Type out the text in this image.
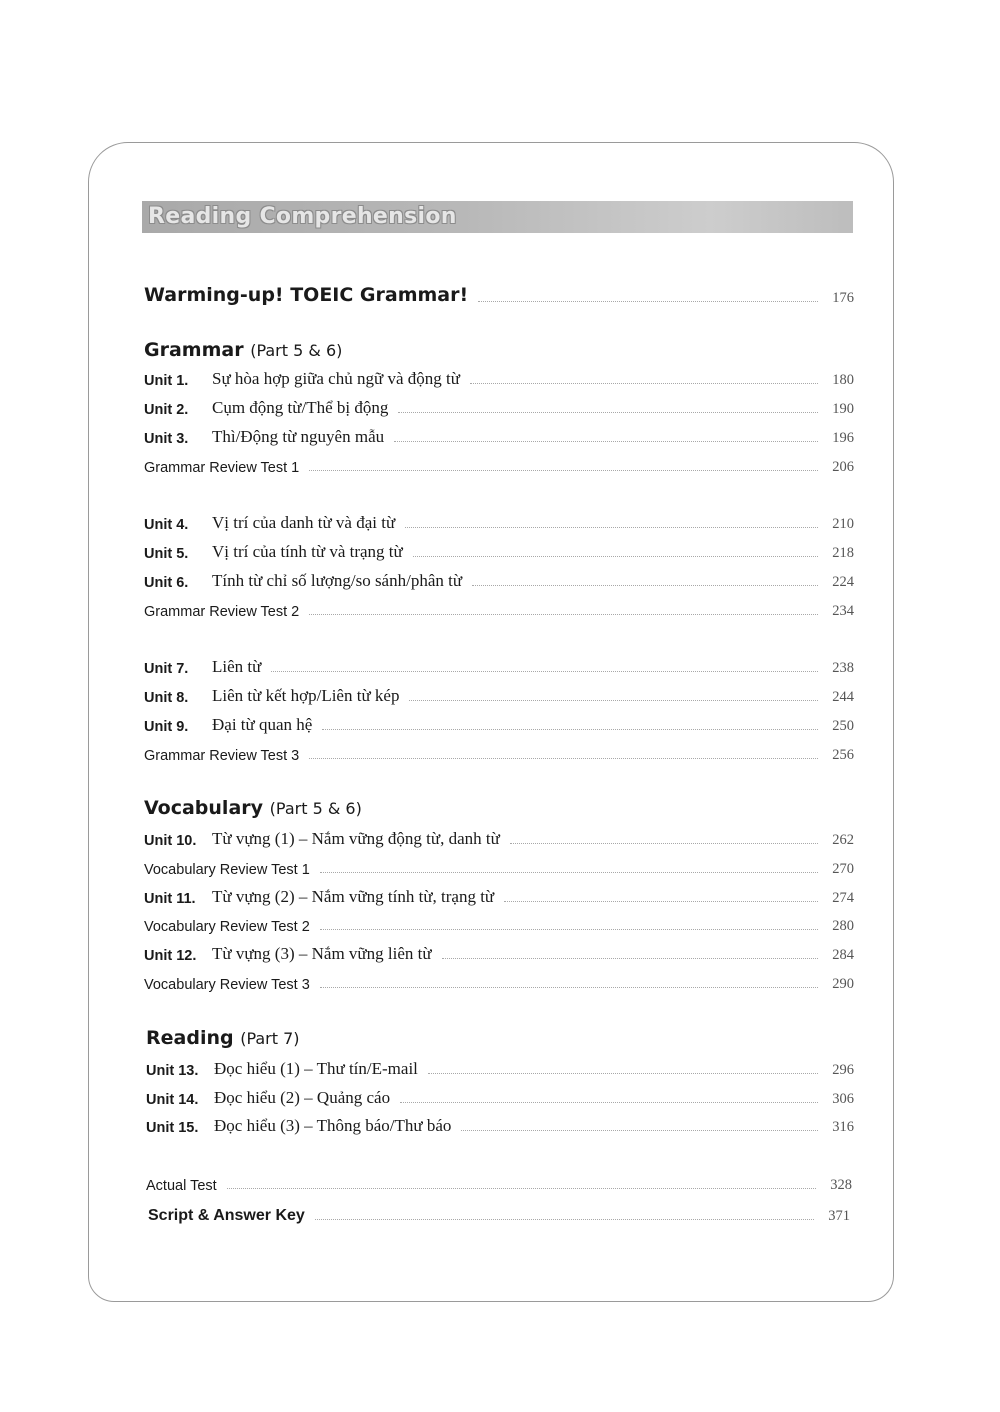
Reading Comprehension
Warming-up! TOEIC Grammar!	176
Grammar (Part 5 & 6)
Unit 1.	Sự hòa hợp giữa chủ ngữ và động từ	180
Unit 2.	Cụm động từ/Thể bị động	190
Unit 3.	Thì/Động từ nguyên mẫu	196
Grammar Review Test 1	206
Unit 4.	Vị trí của danh từ và đại từ	210
Unit 5.	Vị trí của tính từ và trạng từ	218
Unit 6.	Tính từ chỉ số lượng/so sánh/phân từ	224
Grammar Review Test 2	234
Unit 7.	Liên từ	238
Unit 8.	Liên từ kết hợp/Liên từ kép	244
Unit 9.	Đại từ quan hệ	250
Grammar Review Test 3	256
Vocabulary (Part 5 & 6)
Unit 10. Từ vựng (1) – Nắm vững động từ, danh từ	262
Vocabulary Review Test 1	270
Unit 11. Từ vựng (2) – Nắm vững tính từ, trạng từ	274
Vocabulary Review Test 2	280
Unit 12. Từ vựng (3) – Nắm vững liên từ	284
Vocabulary Review Test 3	290
Reading (Part 7)
Unit 13. Đọc hiểu (1) – Thư tín/E-mail	296
Unit 14. Đọc hiểu (2) – Quảng cáo	306
Unit 15. Đọc hiểu (3) – Thông báo/Thư báo	316
Actual Test	328
Script & Answer Key	371
